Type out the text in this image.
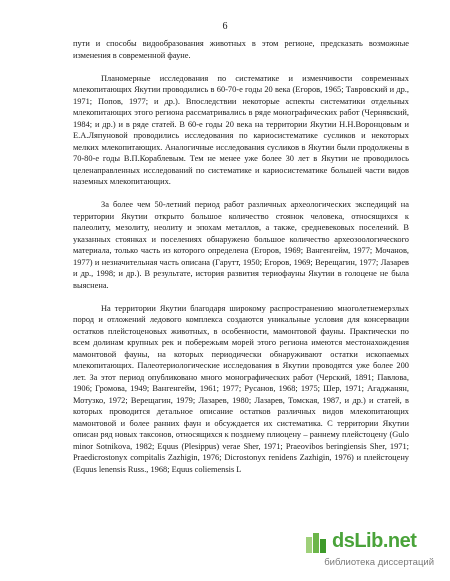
6

пути и способы видообразования животных в этом регионе, предсказать возможные изменения в современной фауне.

Планомерные исследования по систематике и изменчивости современных млекопитающих Якутии проводились в 60-70-е годы 20 века (Егоров, 1965; Тавровский и др., 1971; Попов, 1977; и др.). Впоследствии некоторые аспекты систематики отдельных млекопитающих этого региона рассматривались в ряде монографических работ (Чернявский, 1984; и др.) и в ряде статей. В 60-е годы 20 века на территории Якутии Н.Н.Воронцовым и Е.А.Ляпуновой проводились исследования по кариосистематике сусликов и некоторых мелких млекопитающих. Аналогичные исследования сусликов в Якутии были продолжены в 70-80-е годы В.П.Кораблевым. Тем не менее уже более 30 лет в Якутии не проводилось целенаправленных исследований по систематике и кариосистематике большей части видов наземных млекопитающих.

За более чем 50-летний период работ различных археологических экспедиций на территории Якутии открыто большое количество стоянок человека, относящихся к палеолиту, мезолиту, неолиту и эпохам металлов, а также, средневековых поселений. В указанных стоянках и поселениях обнаружено большое количество археозоологического материала, только часть из которого определена (Егоров, 1969; Вангенгейм, 1977; Мочанов, 1977) и незначительная часть описана (Гарутт, 1950; Егоров, 1969; Верещагин, 1977; Лазарев и др., 1998; и др.). В результате, история развития териофауны Якутии в голоцене не была выяснена.

На территории Якутии благодаря широкому распространению многолетнемерзлых пород и отложений ледового комплекса создаются уникальные условия для консервации остатков плейстоценовых животных, в особенности, мамонтовой фауны. Практически по всем долинам крупных рек и побережьям морей этого региона имеются местонахождения мамонтовой фауны, на которых периодически обнаруживают остатки ископаемых млекопитающих. Палеотериологические исследования в Якутии проводятся уже более 200 лет. За этот период опубликовано много монографических работ (Черский, 1891; Павлова, 1906; Громова, 1949; Вангенгейм, 1961; 1977; Русанов, 1968; 1975; Шер, 1971; Агаджанян, Мотузко, 1972; Верещагин, 1979; Лазарев, 1980; Лазарев, Томская, 1987, и др.) и статей, в которых проводится детальное описание остатков различных видов млекопитающих мамонтовой и более ранних фаун и обсуждается их систематика. С территории Якутии описан ряд новых таксонов, относящихся к позднему плиоцену – раннему плейстоцену (Gulo minor Sotnikova, 1982; Equus (Plesippus) verae Sher, 1971; Praeovibos beringiensis Sher, 1971; Praedicrostonyx compitalis Zazhigin, 1976; Dicrostonyx renidens Zazhigin, 1976) и плейстоцену (Equus lenensis Russ., 1968; Equus coliemensis L

dsLib.net
библиотека диссертаций
